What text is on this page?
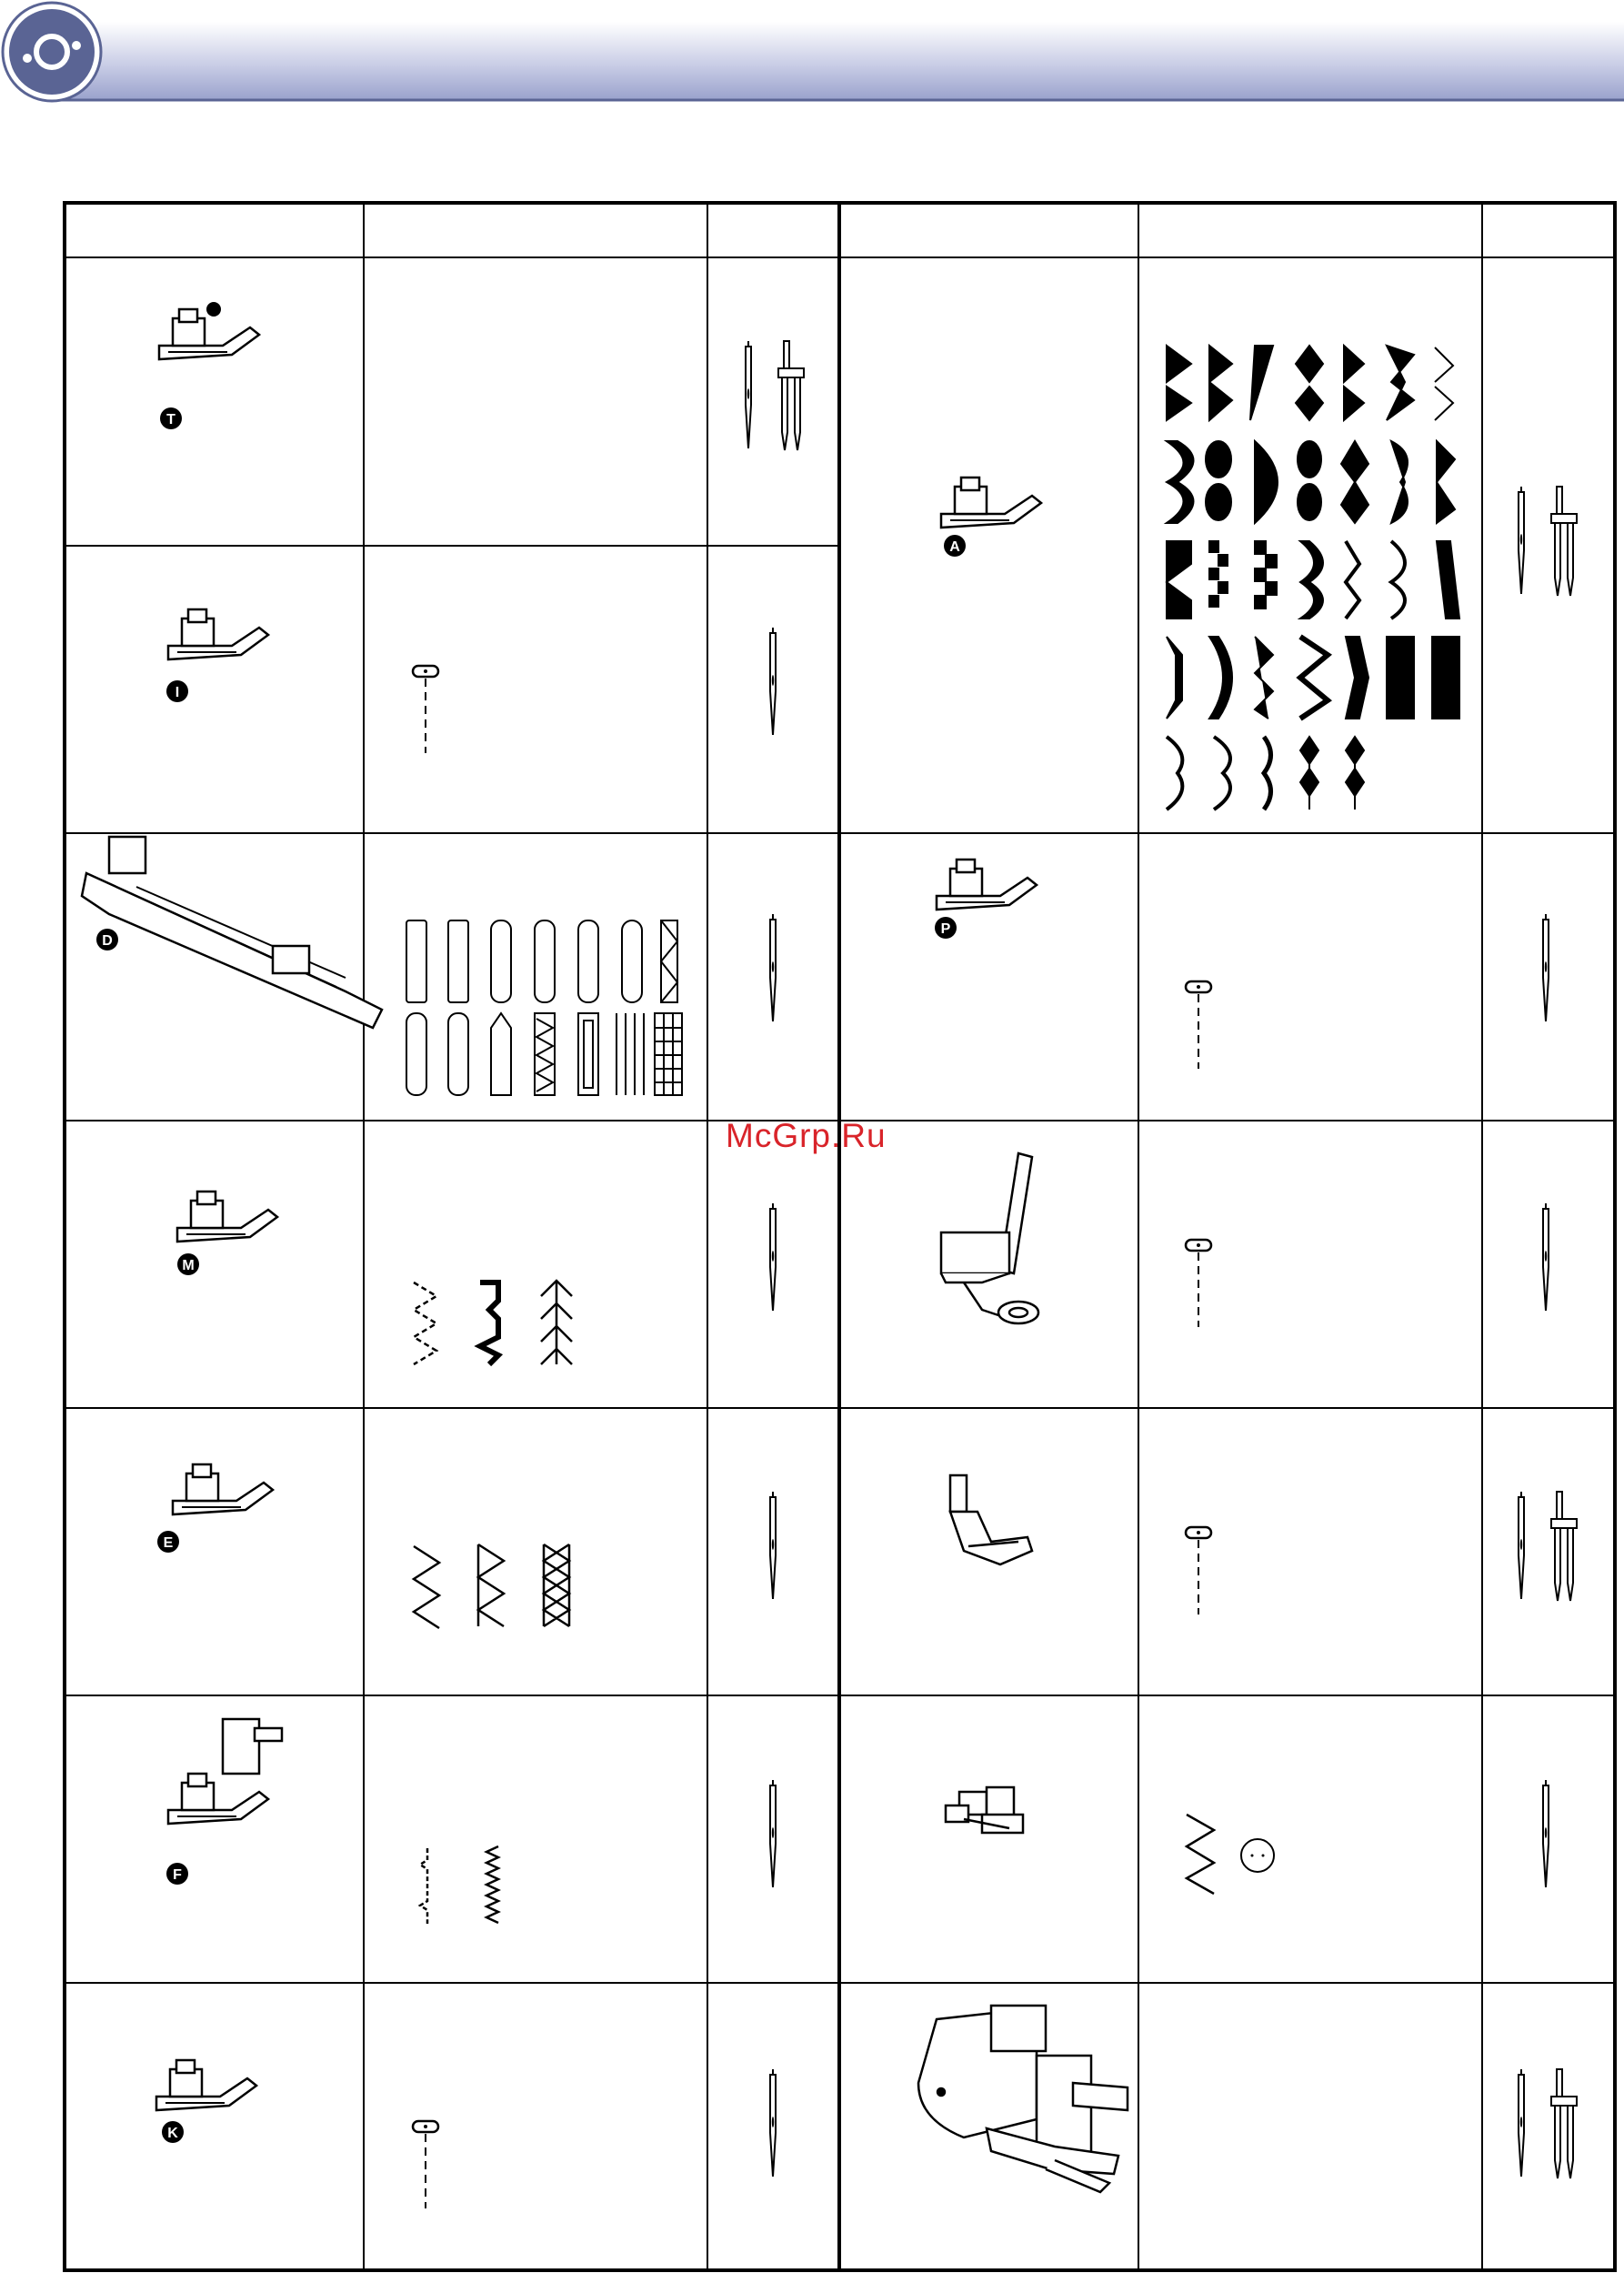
T
I
D
M
E
F
K
A
P
McGrp.Ru
